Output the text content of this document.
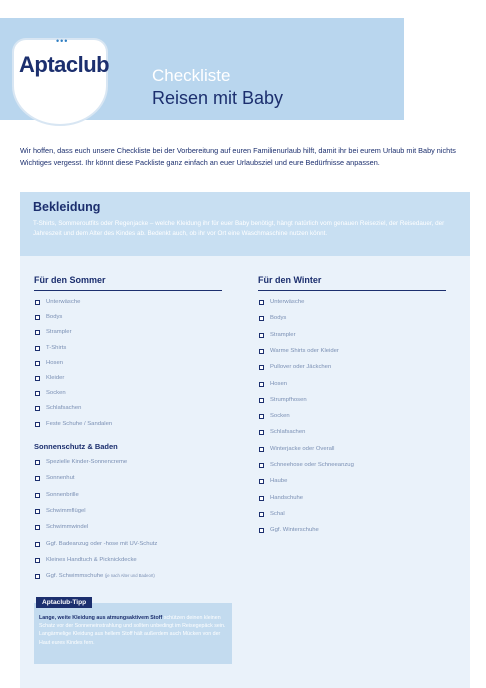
Checkliste
Reisen mit Baby
•••
Aptaclub
Wir hoffen, dass euch unsere Checkliste bei der Vorbereitung auf euren Familienurlaub hilft, damit ihr bei eurem Urlaub mit Baby nichts Wichtiges vergesst. Ihr könnt diese Packliste ganz einfach an euer Urlaubsziel und eure Bedürfnisse anpassen.
Bekleidung
T-Shirts, Sommeroutfits oder Regenjacke – welche Kleidung ihr für euer Baby benötigt, hängt natürlich vom genauen Reiseziel, der Reisedauer, der Jahreszeit und dem Alter des Kindes ab. Bedenkt auch, ob ihr vor Ort eine Waschmaschine nutzen könnt.
Für den Sommer	Für den Winter
Sonnenschutz & Baden
Unterwäsche
Bodys
Strampler
T-Shirts
Hosen
Kleider
Socken
Schlafsachen
Feste Schuhe / Sandalen
Spezielle Kinder-Sonnencreme
Sonnenhut
Sonnenbrille
Schwimmflügel
Schwimmwindel
Ggf. Badeanzug oder -hose mit UV-Schutz
Kleines Handtuch & Picknickdecke
Ggf. Schwimmschuhe (je nach Alter und Badeort)
Unterwäsche
Bodys
Strampler
Warme Shirts oder Kleider
Pullover oder Jäckchen
Hosen
Strumpfhosen
Socken
Schlafsachen
Winterjacke oder Overall
Schneehose oder Schneeanzug
Haube
Handschuhe
Schal
Ggf. Winterschuhe
Aptaclub-Tipp
Lange, weite Kleidung aus atmungsaktivem Stoff schützen deinen kleinen Schatz vor der Sonneneinstrahlung und sollten unbedingt im Reisegepäck sein. Langärmelige Kleidung aus hellem Stoff hält außerdem auch Mücken von der Haut eures Kindes fern.
